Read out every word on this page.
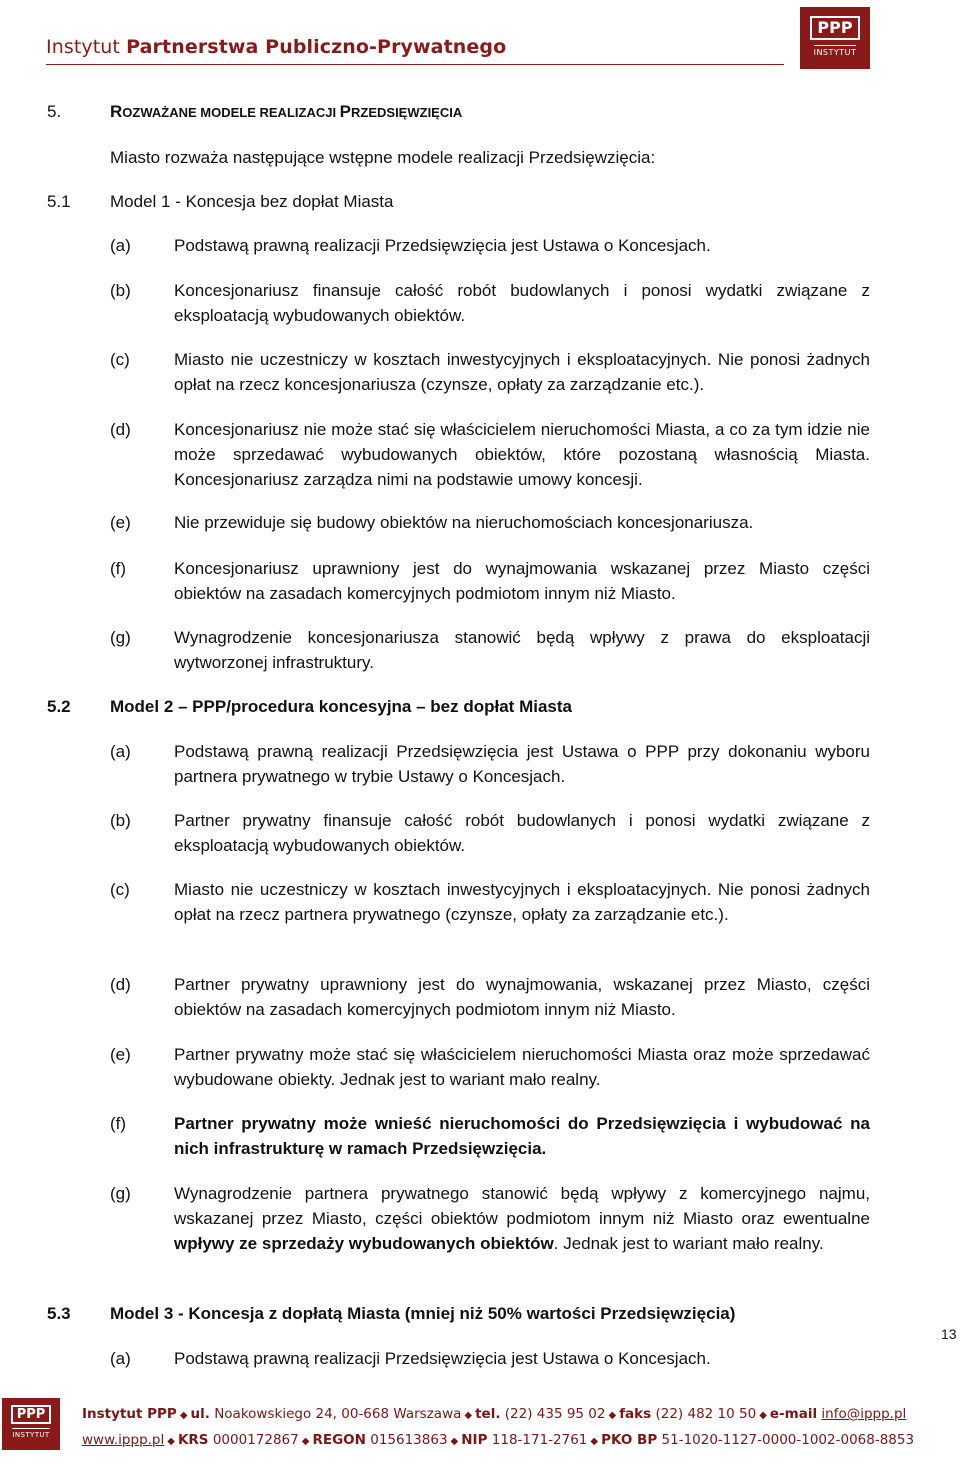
Instytut Partnerstwa Publiczno-Prywatnego
PPP
INSTYTUT
5.	ROZWAŻANE MODELE REALIZACJI PRZEDSIĘWZIĘCIA
Miasto rozważa następujące wstępne modele realizacji Przedsięwzięcia:
5.1 Model 1 - Koncesja bez dopłat Miasta
(a)	Podstawą prawną realizacji Przedsięwzięcia jest Ustawa o Koncesjach.
(b)	Koncesjonariusz finansuje całość robót budowlanych i ponosi wydatki związane z eksploatacją wybudowanych obiektów.
(c)	Miasto nie uczestniczy w kosztach inwestycyjnych i eksploatacyjnych. Nie ponosi żadnych opłat na rzecz koncesjonariusza (czynsze, opłaty za zarządzanie etc.).
(d)	Koncesjonariusz nie może stać się właścicielem nieruchomości Miasta, a co za tym idzie nie może sprzedawać wybudowanych obiektów, które pozostaną własnością Miasta. Koncesjonariusz zarządza nimi na podstawie umowy koncesji.
(e)	Nie przewiduje się budowy obiektów na nieruchomościach koncesjonariusza.
(f)	Koncesjonariusz uprawniony jest do wynajmowania wskazanej przez Miasto części obiektów na zasadach komercyjnych podmiotom innym niż Miasto.
(g)	Wynagrodzenie koncesjonariusza stanowić będą wpływy z prawa do eksploatacji wytworzonej infrastruktury.
5.2 Model 2 – PPP/procedura koncesyjna – bez dopłat Miasta
(a)	Podstawą prawną realizacji Przedsięwzięcia jest Ustawa o PPP przy dokonaniu wyboru partnera prywatnego w trybie Ustawy o Koncesjach.
(b)	Partner prywatny finansuje całość robót budowlanych i ponosi wydatki związane z eksploatacją wybudowanych obiektów.
(c)	Miasto nie uczestniczy w kosztach inwestycyjnych i eksploatacyjnych. Nie ponosi żadnych opłat na rzecz partnera prywatnego (czynsze, opłaty za zarządzanie etc.).
(d)	Partner prywatny uprawniony jest do wynajmowania, wskazanej przez Miasto, części obiektów na zasadach komercyjnych podmiotom innym niż Miasto.
(e)	Partner prywatny może stać się właścicielem nieruchomości Miasta oraz może sprzedawać wybudowane obiekty. Jednak jest to wariant mało realny.
(f)	Partner prywatny może wnieść nieruchomości do Przedsięwzięcia i wybudować na nich infrastrukturę w ramach Przedsięwzięcia.
(g)	Wynagrodzenie partnera prywatnego stanowić będą wpływy z komercyjnego najmu, wskazanej przez Miasto, części obiektów podmiotom innym niż Miasto oraz ewentualne wpływy ze sprzedaży wybudowanych obiektów. Jednak jest to wariant mało realny.
5.3 Model 3 - Koncesja z dopłatą Miasta (mniej niż 50% wartości Przedsięwzięcia)
(a)	Podstawą prawną realizacji Przedsięwzięcia jest Ustawa o Koncesjach.
13
PPP
INSTYTUT
Instytut PPP ◆ ul. Noakowskiego 24, 00-668 Warszawa ◆ tel. (22) 435 95 02 ◆ faks (22) 482 10 50 ◆ e-mail info@ippp.pl
www.ippp.pl ◆ KRS 0000172867 ◆ REGON 015613863 ◆ NIP 118-171-2761 ◆ PKO BP 51-1020-1127-0000-1002-0068-8853
